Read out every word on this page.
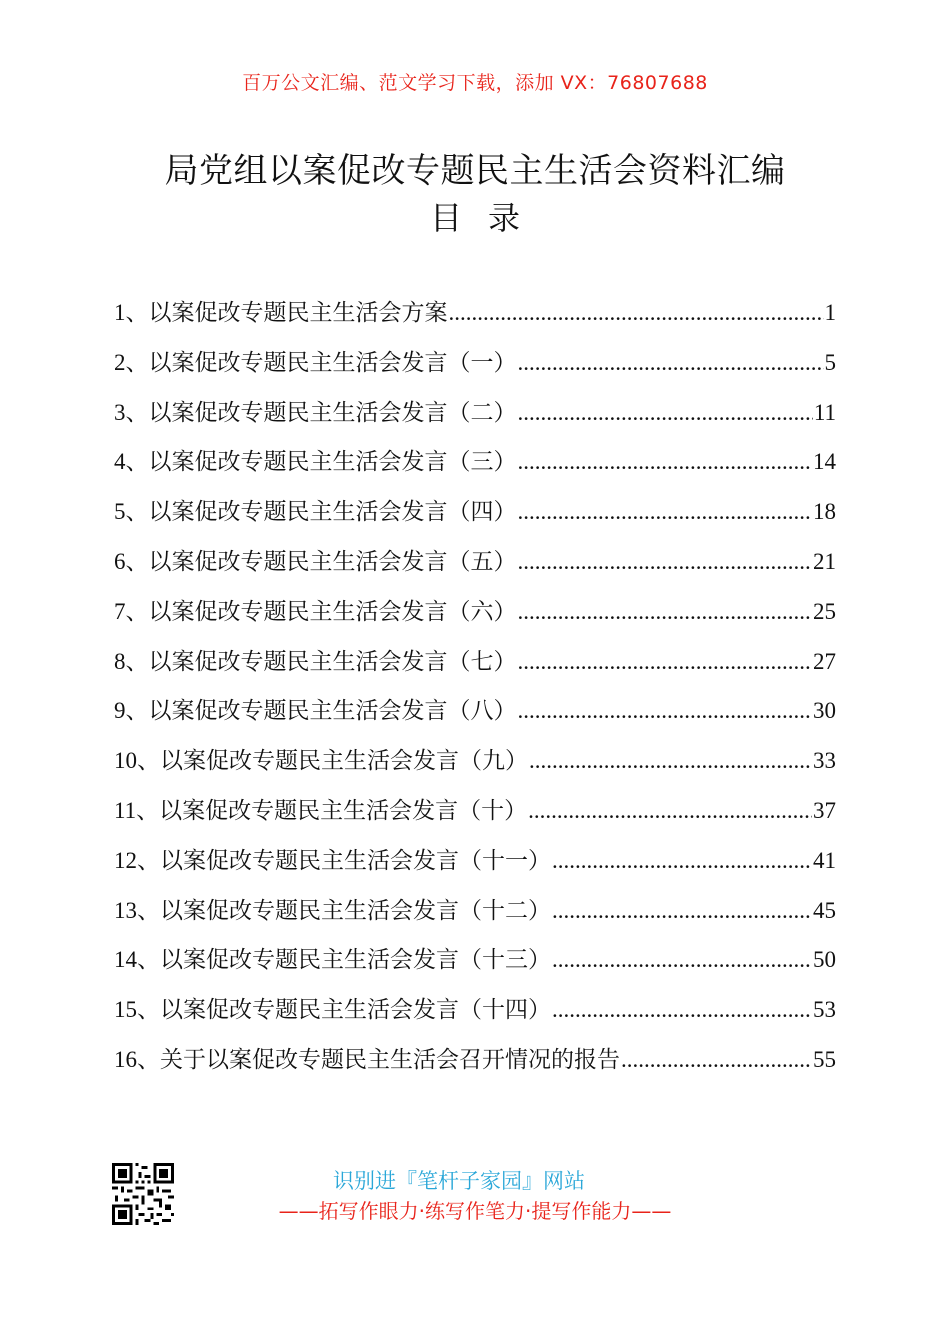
百万公文汇编、范文学习下载，添加 VX：76807688
局党组以案促改专题民主生活会资料汇编
目录
1 、 以案促改专题民主生活会方案 .....	1
2 、 以案促改专题民主生活会发言（一） .....	5
3 、 以案促改专题民主生活会发言（二） .....	11
4 、 以案促改专题民主生活会发言（三） .....	14
5 、 以案促改专题民主生活会发言（四） .....	18
6 、 以案促改专题民主生活会发言（五） .....	21
7 、 以案促改专题民主生活会发言（六） .....	25
8 、 以案促改专题民主生活会发言（七） .....	27
9 、 以案促改专题民主生活会发言（八） .....	30
10 、 以案促改专题民主生活会发言（九） .....	33
11 、 以案促改专题民主生活会发言（十） .....	37
12 、 以案促改专题民主生活会发言（十一） .....	41
13 、 以案促改专题民主生活会发言（十二） .....	45
14 、 以案促改专题民主生活会发言（十三） .....	50
15 、 以案促改专题民主生活会发言（十四） .....	53
16 、 关于以案促改专题民主生活会召开情况的报告 .....	55
识别进『笔杆子家园』网站
——拓写作眼力·练写作笔力·提写作能力——
